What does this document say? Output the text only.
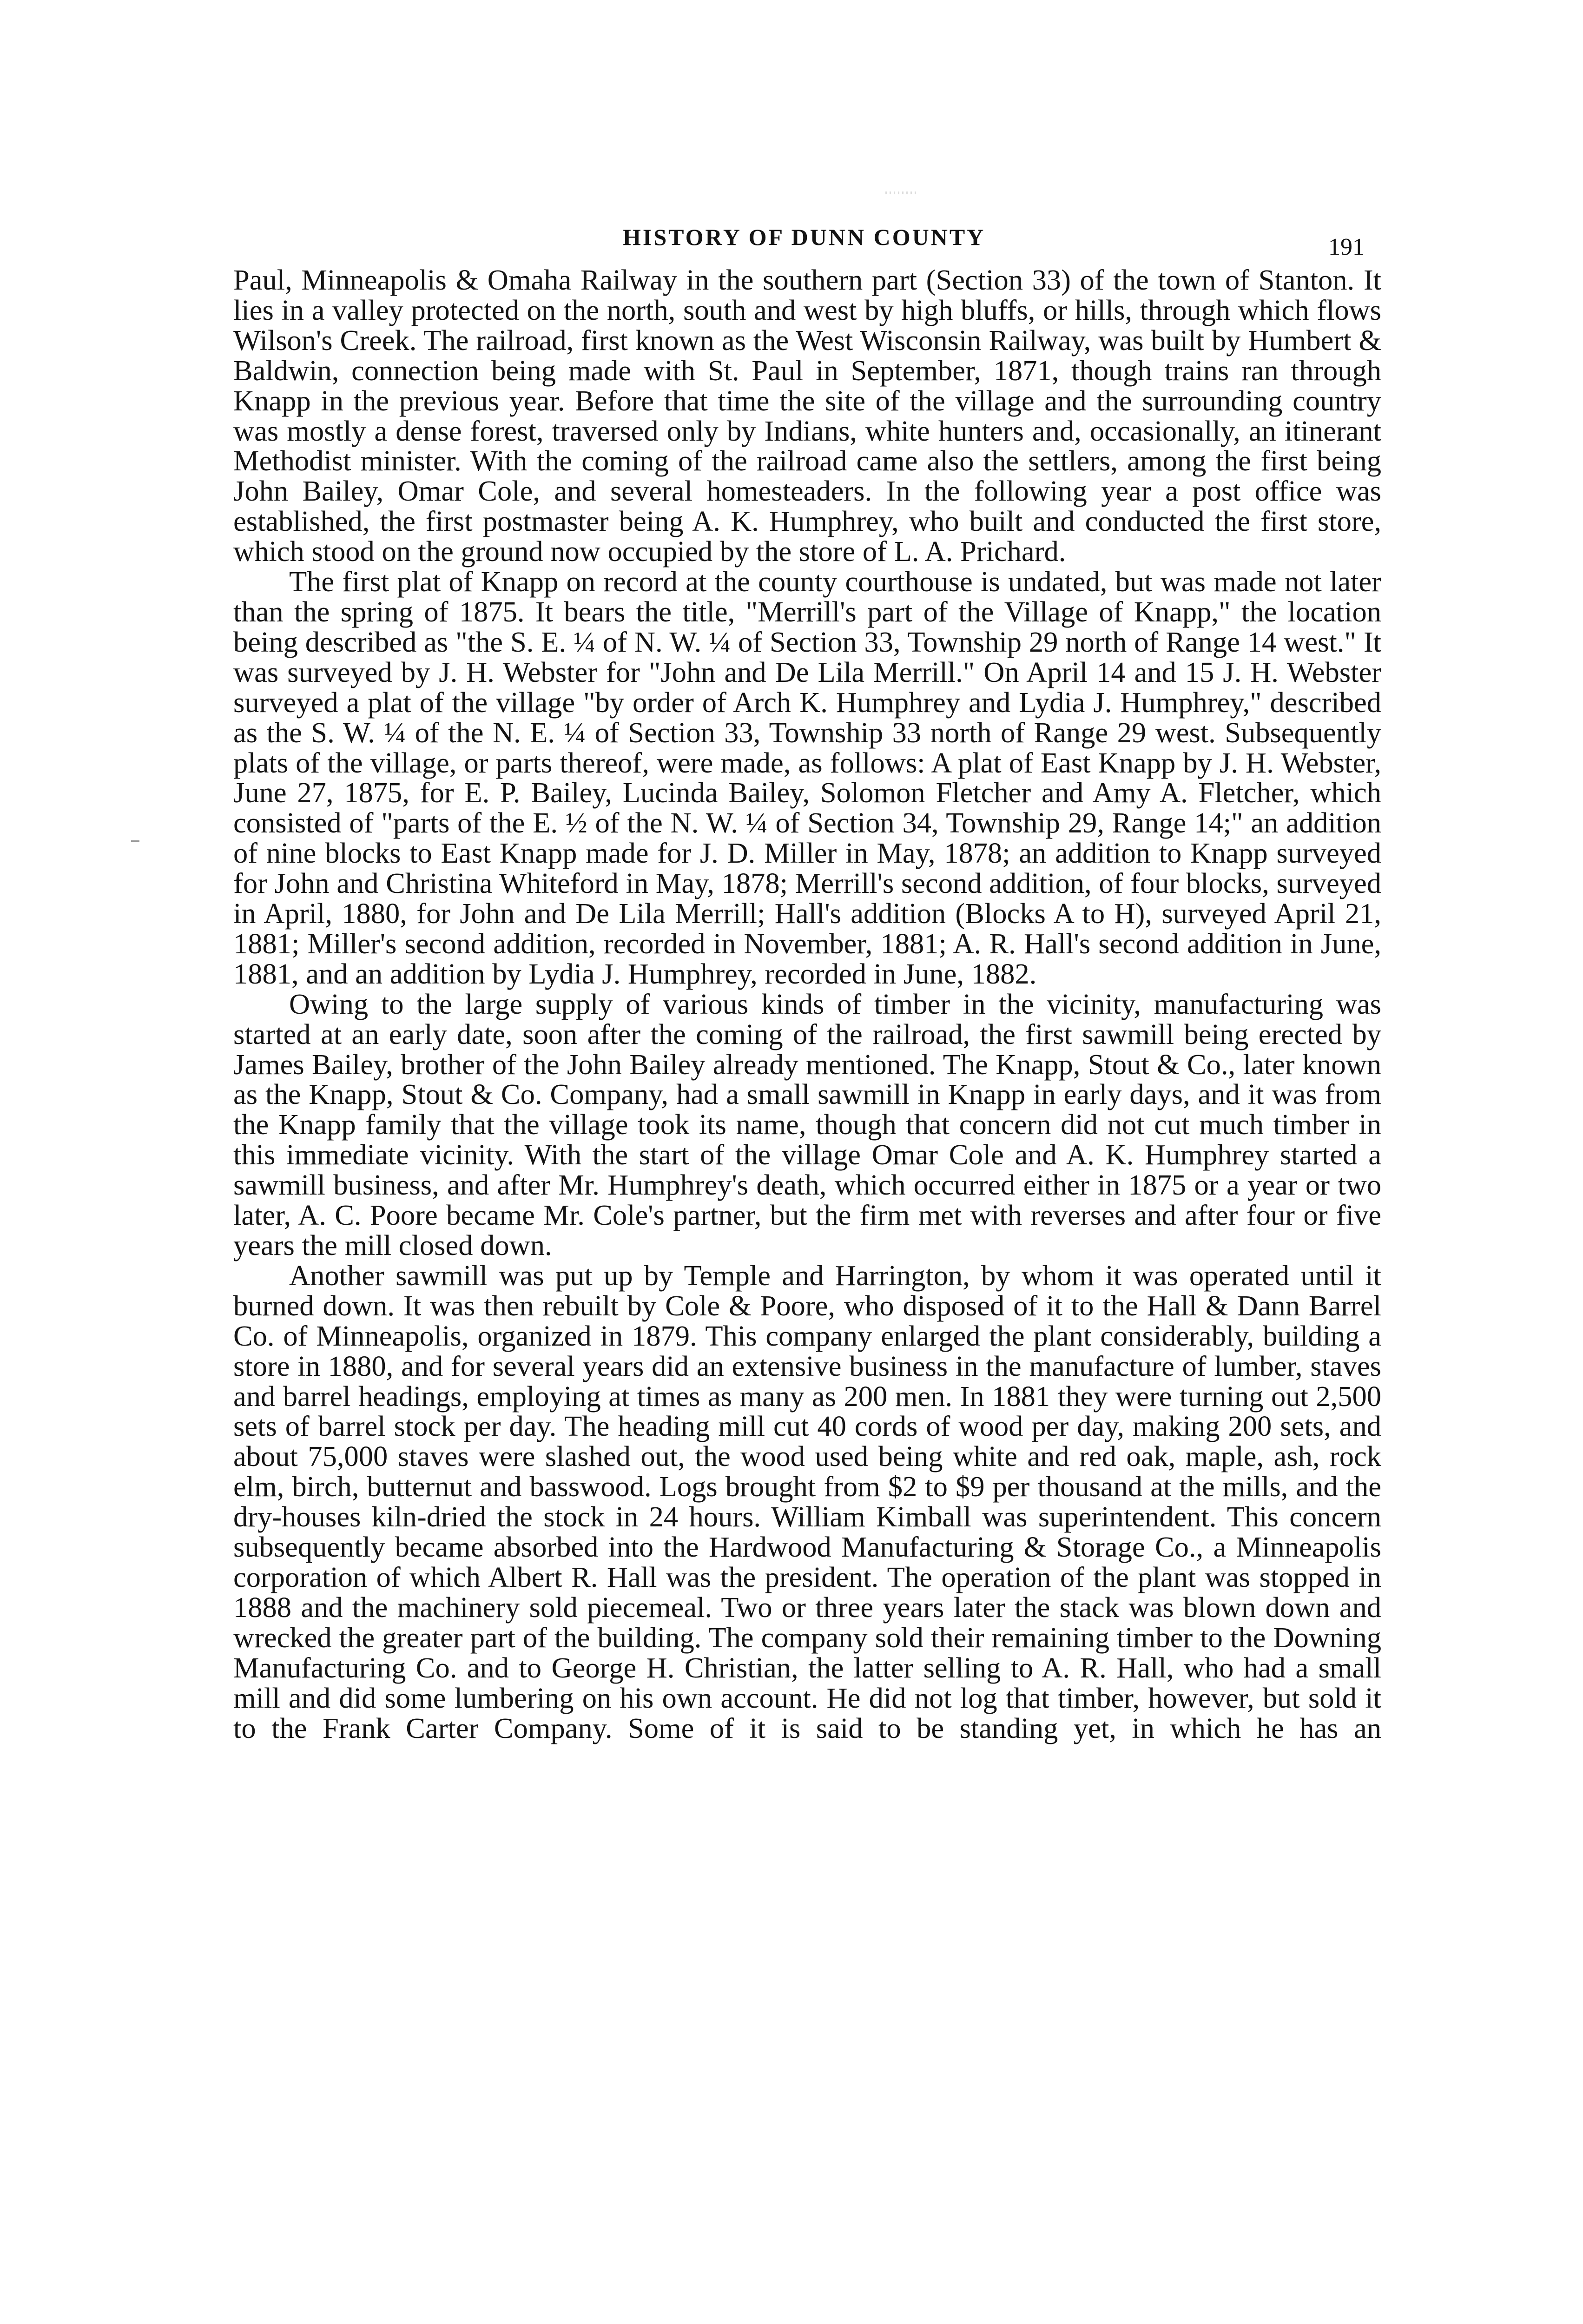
HISTORY OF DUNN COUNTY	191

Paul, Minneapolis & Omaha Railway in the southern part (Section 33) of the town of Stanton. It lies in a valley protected on the north, south and west by high bluffs, or hills, through which flows Wilson's Creek. The railroad, first known as the West Wisconsin Railway, was built by Humbert & Baldwin, connection being made with St. Paul in September, 1871, though trains ran through Knapp in the previous year. Before that time the site of the village and the surrounding country was mostly a dense forest, traversed only by Indians, white hunters and, occasionally, an itinerant Methodist minister. With the coming of the railroad came also the settlers, among the first being John Bailey, Omar Cole, and several homesteaders. In the following year a post office was established, the first postmaster being A. K. Humphrey, who built and conducted the first store, which stood on the ground now occupied by the store of L. A. Prichard.

The first plat of Knapp on record at the county courthouse is undated, but was made not later than the spring of 1875. It bears the title, "Merrill's part of the Village of Knapp," the location being described as "the S. E. ¼ of N. W. ¼ of Section 33, Township 29 north of Range 14 west." It was surveyed by J. H. Webster for "John and De Lila Merrill." On April 14 and 15 J. H. Webster surveyed a plat of the village "by order of Arch K. Humphrey and Lydia J. Humphrey," described as the S. W. ¼ of the N. E. ¼ of Section 33, Township 33 north of Range 29 west. Subsequently plats of the village, or parts thereof, were made, as follows: A plat of East Knapp by J. H. Webster, June 27, 1875, for E. P. Bailey, Lucinda Bailey, Solomon Fletcher and Amy A. Fletcher, which consisted of "parts of the E. ½ of the N. W. ¼ of Section 34, Township 29, Range 14;" an addition of nine blocks to East Knapp made for J. D. Miller in May, 1878; an addition to Knapp surveyed for John and Christina Whiteford in May, 1878; Merrill's second addition, of four blocks, surveyed in April, 1880, for John and De Lila Merrill; Hall's addition (Blocks A to H), surveyed April 21, 1881; Miller's second addition, recorded in November, 1881; A. R. Hall's second addition in June, 1881, and an addition by Lydia J. Humphrey, recorded in June, 1882.

Owing to the large supply of various kinds of timber in the vicinity, manufacturing was started at an early date, soon after the coming of the railroad, the first sawmill being erected by James Bailey, brother of the John Bailey already mentioned. The Knapp, Stout & Co., later known as the Knapp, Stout & Co. Company, had a small sawmill in Knapp in early days, and it was from the Knapp family that the village took its name, though that concern did not cut much timber in this immediate vicinity. With the start of the village Omar Cole and A. K. Humphrey started a sawmill business, and after Mr. Humphrey's death, which occurred either in 1875 or a year or two later, A. C. Poore became Mr. Cole's partner, but the firm met with reverses and after four or five years the mill closed down.

Another sawmill was put up by Temple and Harrington, by whom it was operated until it burned down. It was then rebuilt by Cole & Poore, who disposed of it to the Hall & Dann Barrel Co. of Minneapolis, organized in 1879. This company enlarged the plant considerably, building a store in 1880, and for several years did an extensive business in the manufacture of lumber, staves and barrel headings, employing at times as many as 200 men. In 1881 they were turning out 2,500 sets of barrel stock per day. The heading mill cut 40 cords of wood per day, making 200 sets, and about 75,000 staves were slashed out, the wood used being white and red oak, maple, ash, rock elm, birch, butternut and basswood. Logs brought from $2 to $9 per thousand at the mills, and the dry-houses kiln-dried the stock in 24 hours. William Kimball was superintendent. This concern subsequently became absorbed into the Hardwood Manufacturing & Storage Co., a Minneapolis corporation of which Albert R. Hall was the president. The operation of the plant was stopped in 1888 and the machinery sold piecemeal. Two or three years later the stack was blown down and wrecked the greater part of the building. The company sold their remaining timber to the Downing Manufacturing Co. and to George H. Christian, the latter selling to A. R. Hall, who had a small mill and did some lumbering on his own account. He did not log that timber, however, but sold it to the Frank Carter Company. Some of it is said to be standing yet, in which he has an
